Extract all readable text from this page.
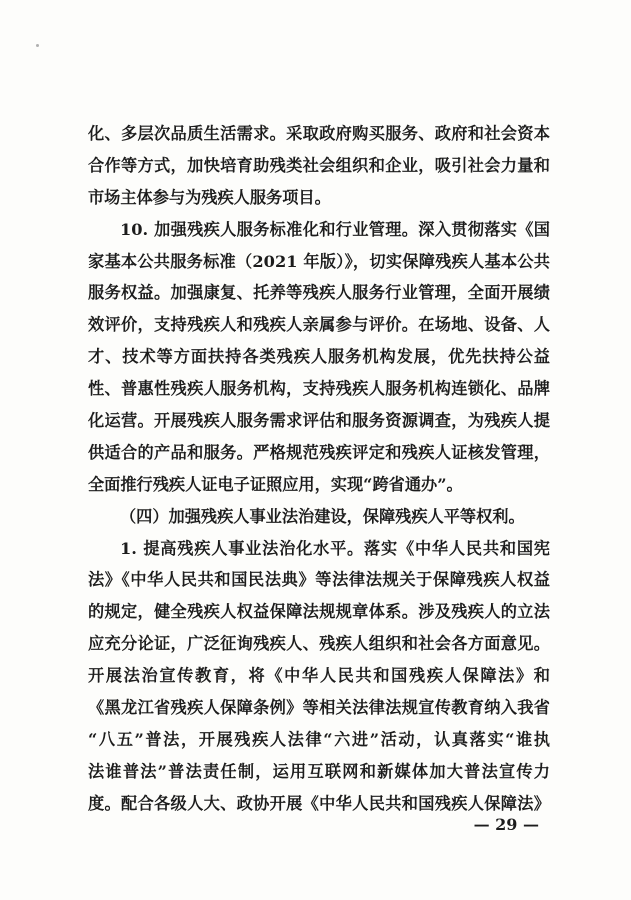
化、多层次品质生活需求。采取政府购买服务、政府和社会资本
合作等方式，加快培育助残类社会组织和企业，吸引社会力量和
市场主体参与为残疾人服务项目。
10. 加强残疾人服务标准化和行业管理。深入贯彻落实《国
家基本公共服务标准（2021 年版）》，切实保障残疾人基本公共
服务权益。加强康复、托养等残疾人服务行业管理，全面开展绩
效评价，支持残疾人和残疾人亲属参与评价。在场地、设备、人
才、技术等方面扶持各类残疾人服务机构发展，优先扶持公益
性、普惠性残疾人服务机构，支持残疾人服务机构连锁化、品牌
化运营。开展残疾人服务需求评估和服务资源调查，为残疾人提
供适合的产品和服务。严格规范残疾评定和残疾人证核发管理，
全面推行残疾人证电子证照应用，实现“跨省通办”。
（四）加强残疾人事业法治建设，保障残疾人平等权利。
1. 提高残疾人事业法治化水平。落实《中华人民共和国宪
法》《中华人民共和国民法典》等法律法规关于保障残疾人权益
的规定，健全残疾人权益保障法规规章体系。涉及残疾人的立法
应充分论证，广泛征询残疾人、残疾人组织和社会各方面意见。
开展法治宣传教育，将《中华人民共和国残疾人保障法》和
《黑龙江省残疾人保障条例》等相关法律法规宣传教育纳入我省
“八五”普法，开展残疾人法律“六进”活动，认真落实“谁执
法谁普法”普法责任制，运用互联网和新媒体加大普法宣传力
度。配合各级人大、政协开展《中华人民共和国残疾人保障法》
— 29 —
